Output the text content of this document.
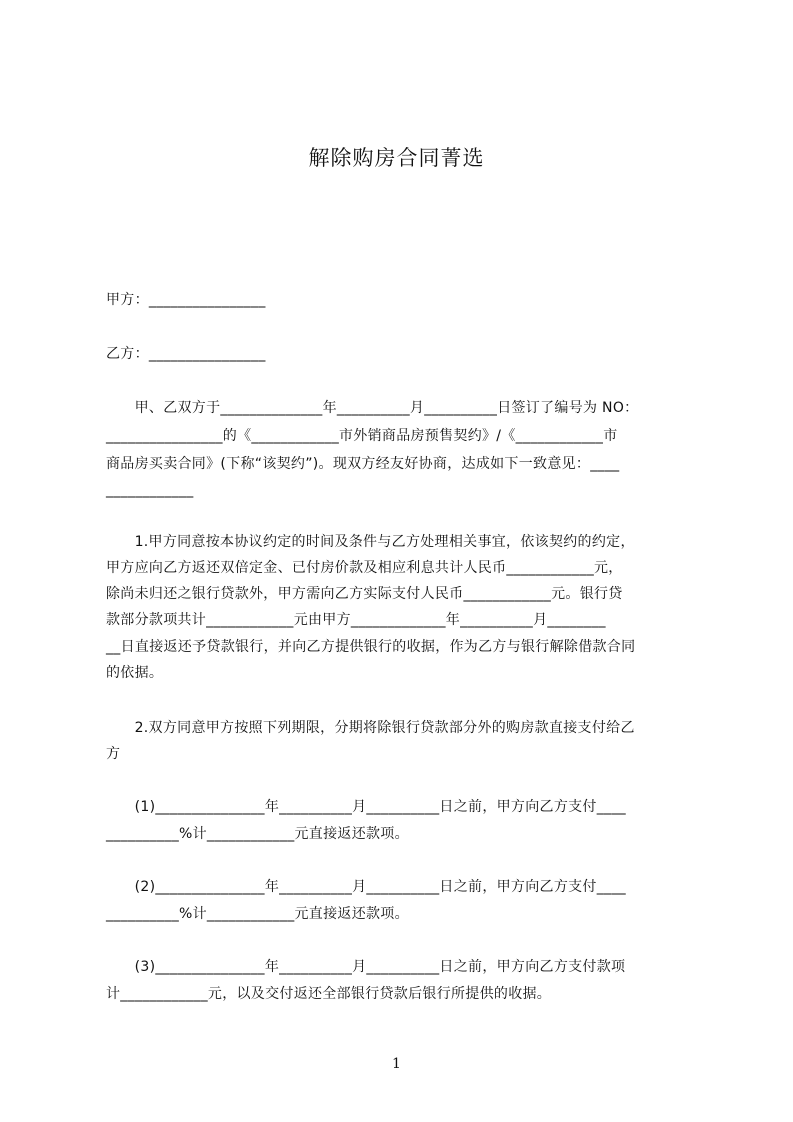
解除购房合同菁选
甲方：________________
乙方：________________
　　甲、乙双方于______________年__________月__________日签订了编号为 NO：
________________的《____________市外销商品房预售契约》/《____________市
商品房买卖合同》(下称“该契约”)。现双方经友好协商，达成如下一致意见：____
____________
　　1.甲方同意按本协议约定的时间及条件与乙方处理相关事宜，依该契约的约定，
甲方应向乙方返还双倍定金、已付房价款及相应利息共计人民币____________元，
除尚未归还之银行贷款外，甲方需向乙方实际支付人民币____________元。银行贷
款部分款项共计____________元由甲方_____________年__________月________
__日直接返还予贷款银行，并向乙方提供银行的收据，作为乙方与银行解除借款合同
的依据。
　　2.双方同意甲方按照下列期限，分期将除银行贷款部分外的购房款直接支付给乙
方
　　(1)_______________年__________月__________日之前，甲方向乙方支付____
__________%计____________元直接返还款项。
　　(2)_______________年__________月__________日之前，甲方向乙方支付____
__________%计____________元直接返还款项。
　　(3)_______________年__________月__________日之前，甲方向乙方支付款项
计____________元，以及交付返还全部银行贷款后银行所提供的收据。
1
